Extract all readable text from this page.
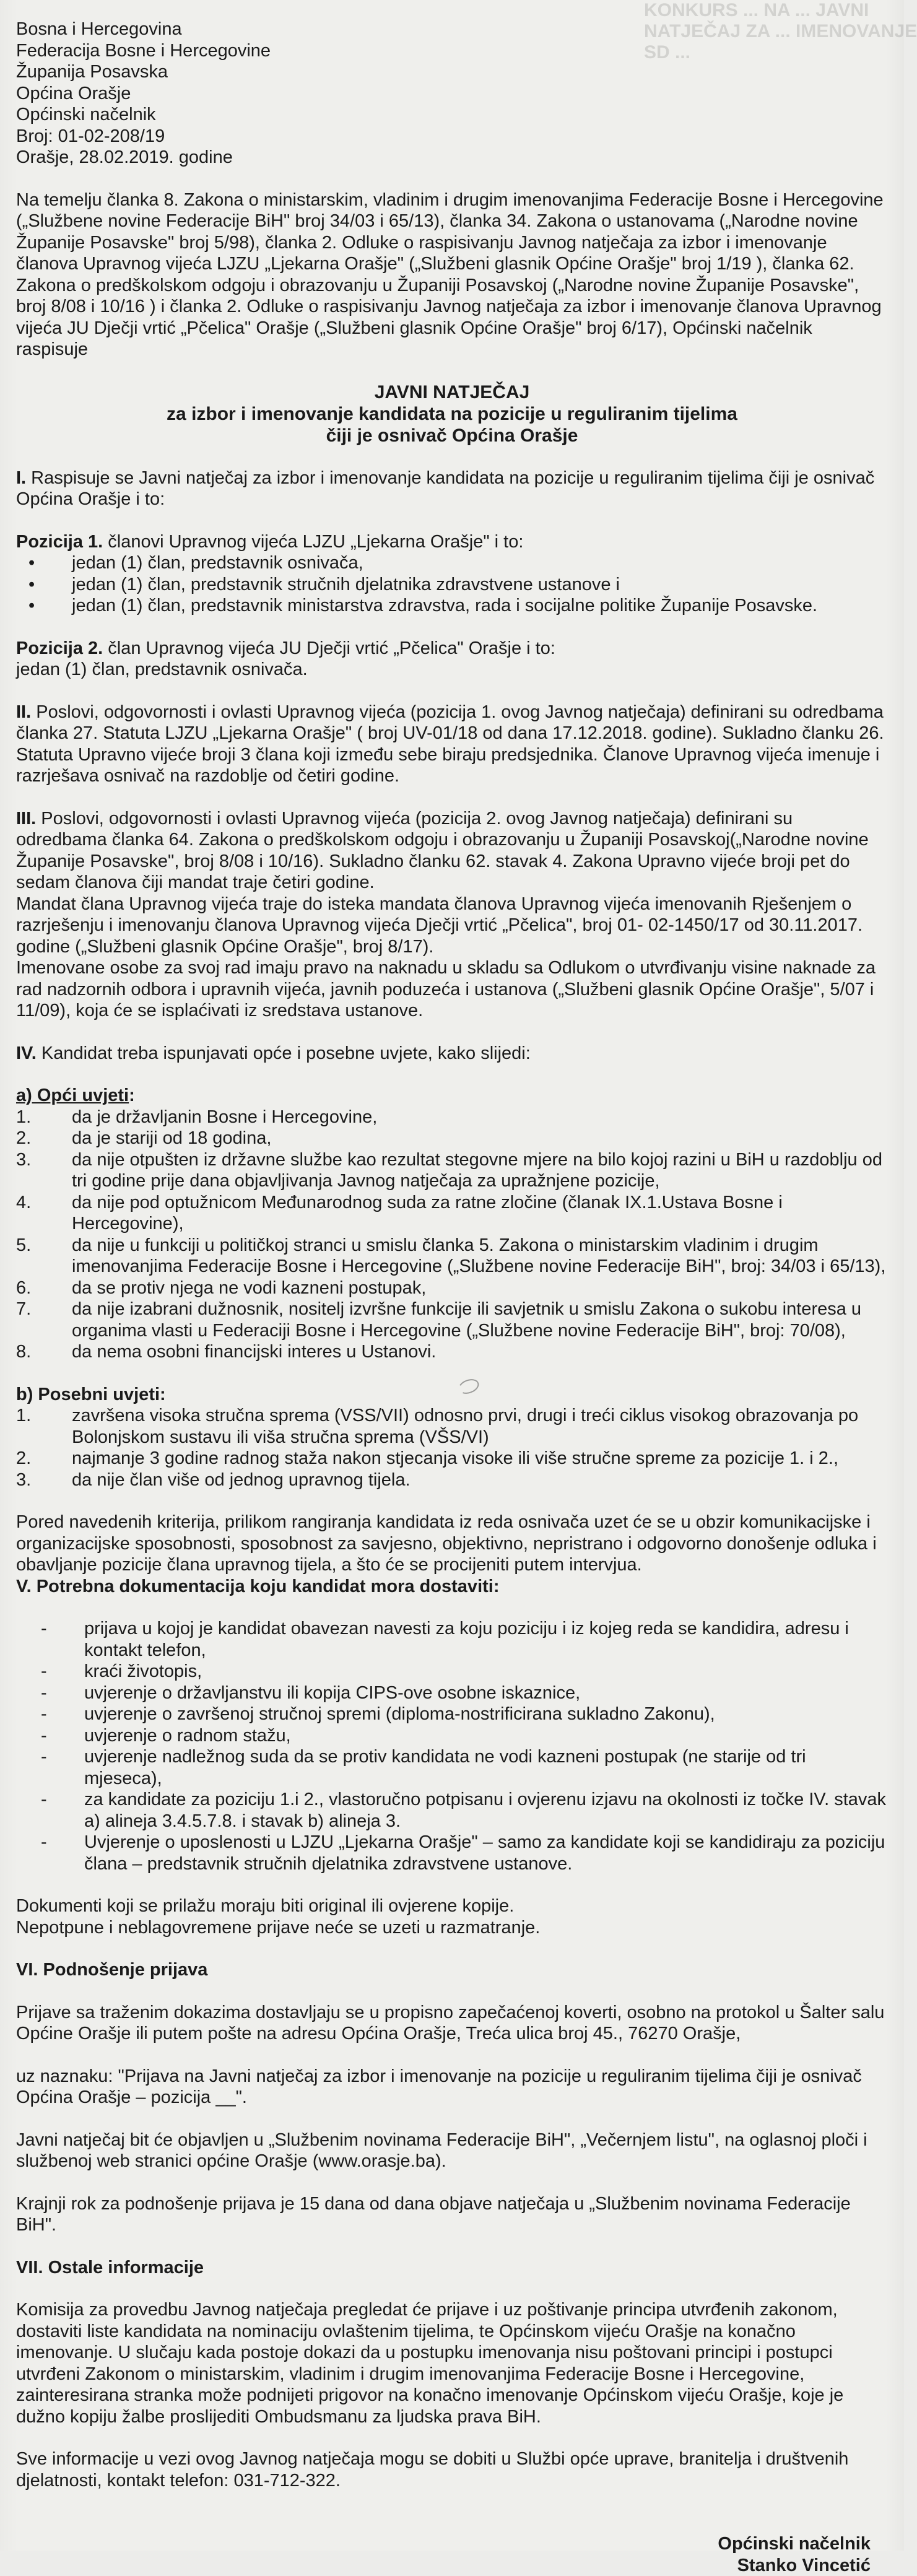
KONKURS ... NA ... JAVNI
NATJEČAJ ZA ... IMENOVANJE
SD ...

Bosna i Hercegovina

Federacija Bosne i Hercegovine

Županija Posavska

Općina Orašje

Općinski načelnik

Broj: 01-02-208/19

Orašje, 28.02.2019. godine

Na temelju članka 8. Zakona o ministarskim, vladinim i drugim imenovanjima Federacije Bosne i Hercegovine („Službene novine Federacije BiH" broj 34/03 i 65/13), članka 34. Zakona o ustanovama („Narodne novine Županije Posavske" broj 5/98), članka 2. Odluke o raspisivanju Javnog natječaja za izbor i imenovanje članova Upravnog vijeća LJZU „Ljekarna Orašje" („Službeni glasnik Općine Orašje" broj 1/19 ), članka 62. Zakona o predškolskom odgoju i obrazovanju u Županiji Posavskoj („Narodne novine Županije Posavske", broj 8/08 i 10/16 ) i članka 2. Odluke o raspisivanju Javnog natječaja za izbor i imenovanje članova Upravnog vijeća JU Dječji vrtić „Pčelica" Orašje („Službeni glasnik Općine Orašje" broj 6/17), Općinski načelnik raspisuje

JAVNI NATJEČAJ

za izbor i imenovanje kandidata na pozicije u reguliranim tijelima

čiji je osnivač Općina Orašje

I. Raspisuje se Javni natječaj za izbor i imenovanje kandidata na pozicije u reguliranim tijelima čiji je osnivač Općina Orašje i to:

Pozicija 1. članovi Upravnog vijeća LJZU „Ljekarna Orašje" i to:

• jedan (1) član, predstavnik osnivača,
• jedan (1) član, predstavnik stručnih djelatnika zdravstvene ustanove i
• jedan (1) član, predstavnik ministarstva zdravstva, rada i socijalne politike Županije Posavske.

Pozicija 2. član Upravnog vijeća JU Dječji vrtić „Pčelica" Orašje i to:

jedan (1) član, predstavnik osnivača.

II. Poslovi, odgovornosti i ovlasti Upravnog vijeća (pozicija 1. ovog Javnog natječaja) definirani su odredbama članka 27. Statuta LJZU „Ljekarna Orašje" ( broj UV-01/18 od dana 17.12.2018. godine). Sukladno članku 26. Statuta Upravno vijeće broji 3 člana koji između sebe biraju predsjednika. Članove Upravnog vijeća imenuje i razrješava osnivač na razdoblje od četiri godine.

III. Poslovi, odgovornosti i ovlasti Upravnog vijeća (pozicija 2. ovog Javnog natječaja) definirani su odredbama članka 64. Zakona o predškolskom odgoju i obrazovanju u Županiji Posavskoj(„Narodne novine Županije Posavske", broj 8/08 i 10/16). Sukladno članku 62. stavak 4. Zakona Upravno vijeće broji pet do sedam članova čiji mandat traje četiri godine.

Mandat člana Upravnog vijeća traje do isteka mandata članova Upravnog vijeća imenovanih Rješenjem o razrješenju i imenovanju članova Upravnog vijeća Dječji vrtić „Pčelica", broj 01- 02-1450/17 od 30.11.2017. godine („Službeni glasnik Općine Orašje", broj 8/17).

Imenovane osobe za svoj rad imaju pravo na naknadu u skladu sa Odlukom o utvrđivanju visine naknade za rad nadzornih odbora i upravnih vijeća, javnih poduzeća i ustanova („Službeni glasnik Općine Orašje", 5/07 i 11/09), koja će se isplaćivati iz sredstava ustanove.

IV. Kandidat treba ispunjavati opće i posebne uvjete, kako slijedi:

a) Opći uvjeti:

1. da je državljanin Bosne i Hercegovine,
2. da je stariji od 18 godina,
3. da nije otpušten iz državne službe kao rezultat stegovne mjere na bilo kojoj razini u BiH u razdoblju od tri godine prije dana objavljivanja Javnog natječaja za upražnjene pozicije,
4. da nije pod optužnicom Međunarodnog suda za ratne zločine (članak IX.1.Ustava Bosne i Hercegovine),
5. da nije u funkciji u političkoj stranci u smislu članka 5. Zakona o ministarskim vladinim i drugim imenovanjima Federacije Bosne i Hercegovine („Službene novine Federacije BiH", broj: 34/03 i 65/13),
6. da se protiv njega ne vodi kazneni postupak,
7. da nije izabrani dužnosnik, nositelj izvršne funkcije ili savjetnik u smislu Zakona o sukobu interesa u organima vlasti u Federaciji Bosne i Hercegovine („Službene novine Federacije BiH", broj: 70/08),
8. da nema osobni financijski interes u Ustanovi.

b) Posebni uvjeti:

1. završena visoka stručna sprema (VSS/VII) odnosno prvi, drugi i treći ciklus visokog obrazovanja po Bolonjskom sustavu ili viša stručna sprema (VŠS/VI)
2. najmanje 3 godine radnog staža nakon stjecanja visoke ili više stručne spreme za pozicije 1. i 2.,
3. da nije član više od jednog upravnog tijela.

Pored navedenih kriterija, prilikom rangiranja kandidata iz reda osnivača uzet će se u obzir komunikacijske i organizacijske sposobnosti, sposobnost za savjesno, objektivno, nepristrano i odgovorno donošenje odluka i obavljanje pozicije člana upravnog tijela, a što će se procijeniti putem intervjua.

V. Potrebna dokumentacija koju kandidat mora dostaviti:

- prijava u kojoj je kandidat obavezan navesti za koju poziciju i iz kojeg reda se kandidira, adresu i kontakt telefon,
- kraći životopis,
- uvjerenje o državljanstvu ili kopija CIPS-ove osobne iskaznice,
- uvjerenje o završenoj stručnoj spremi (diploma-nostrificirana sukladno Zakonu),
- uvjerenje o radnom stažu,
- uvjerenje nadležnog suda da se protiv kandidata ne vodi kazneni postupak (ne starije od tri mjeseca),
- za kandidate za poziciju 1.i 2., vlastoručno potpisanu i ovjerenu izjavu na okolnosti iz točke IV. stavak a) alineja 3.4.5.7.8. i stavak b) alineja 3.
- Uvjerenje o uposlenosti u LJZU „Ljekarna Orašje" – samo za kandidate koji se kandidiraju za poziciju člana – predstavnik stručnih djelatnika zdravstvene ustanove.

Dokumenti koji se prilažu moraju biti original ili ovjerene kopije.

Nepotpune i neblagovremene prijave neće se uzeti u razmatranje.

VI. Podnošenje prijava

Prijave sa traženim dokazima dostavljaju se u propisno zapečaćenoj koverti, osobno na protokol u Šalter salu Općine Orašje ili putem pošte na adresu Općina Orašje, Treća ulica broj 45., 76270 Orašje,

uz naznaku: "Prijava na Javni natječaj za izbor i imenovanje na pozicije u reguliranim tijelima čiji je osnivač Općina Orašje – pozicija __".

Javni natječaj bit će objavljen u „Službenim novinama Federacije BiH", „Večernjem listu", na oglasnoj ploči i službenoj web stranici općine Orašje (www.orasje.ba).

Krajnji rok za podnošenje prijava je 15 dana od dana objave natječaja u „Službenim novinama Federacije BiH".

VII. Ostale informacije

Komisija za provedbu Javnog natječaja pregledat će prijave i uz poštivanje principa utvrđenih zakonom, dostaviti liste kandidata na nominaciju ovlaštenim tijelima, te Općinskom vijeću Orašje na konačno imenovanje. U slučaju kada postoje dokazi da u postupku imenovanja nisu poštovani principi i postupci utvrđeni Zakonom o ministarskim, vladinim i drugim imenovanjima Federacije Bosne i Hercegovine, zainteresirana stranka može podnijeti prigovor na konačno imenovanje Općinskom vijeću Orašje, koje je dužno kopiju žalbe proslijediti Ombudsmanu za ljudska prava BiH.

Sve informacije u vezi ovog Javnog natječaja mogu se dobiti u Službi opće uprave, branitelja i društvenih djelatnosti, kontakt telefon: 031-712-322.

Općinski načelnik

Stanko Vincetić
